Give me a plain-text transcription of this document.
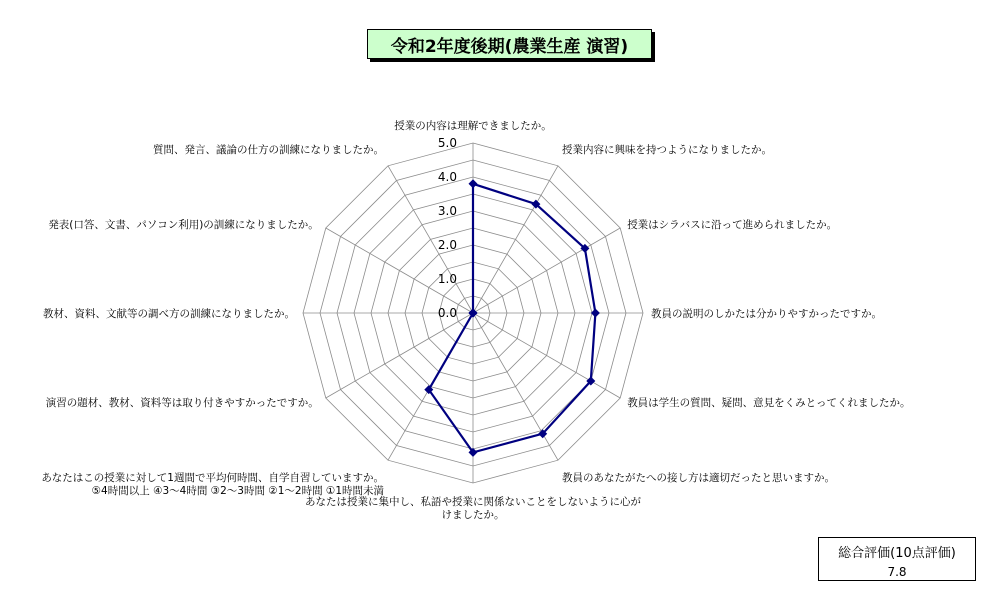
令和2年度後期(農業生産 演習)
0.0
1.0
2.0
3.0
4.0
5.0
授業の内容は理解できましたか。
授業内容に興味を持つようになりましたか。
授業はシラバスに沿って進められましたか。
教員の説明のしかたは分かりやすかったですか。
教員は学生の質問、疑問、意見をくみとってくれましたか。
教員のあなたがたへの接し方は適切だったと思いますか。
あなたは授業に集中し、私語や授業に関係ないことをしないように心がけましたか。
あなたはこの授業に対して1週間で平均何時間、自学自習していますか。 ⑤4時間以上 ④3～4時間 ③2～3時間 ②1～2時間 ①1時間未満
演習の題材、教材、資料等は取り付きやすかったですか。
教材、資料、文献等の調べ方の訓練になりましたか。
発表(口答、文書、パソコン利用)の訓練になりましたか。
質問、発言、議論の仕方の訓練になりましたか。
総合評価(10点評価)
7.8
